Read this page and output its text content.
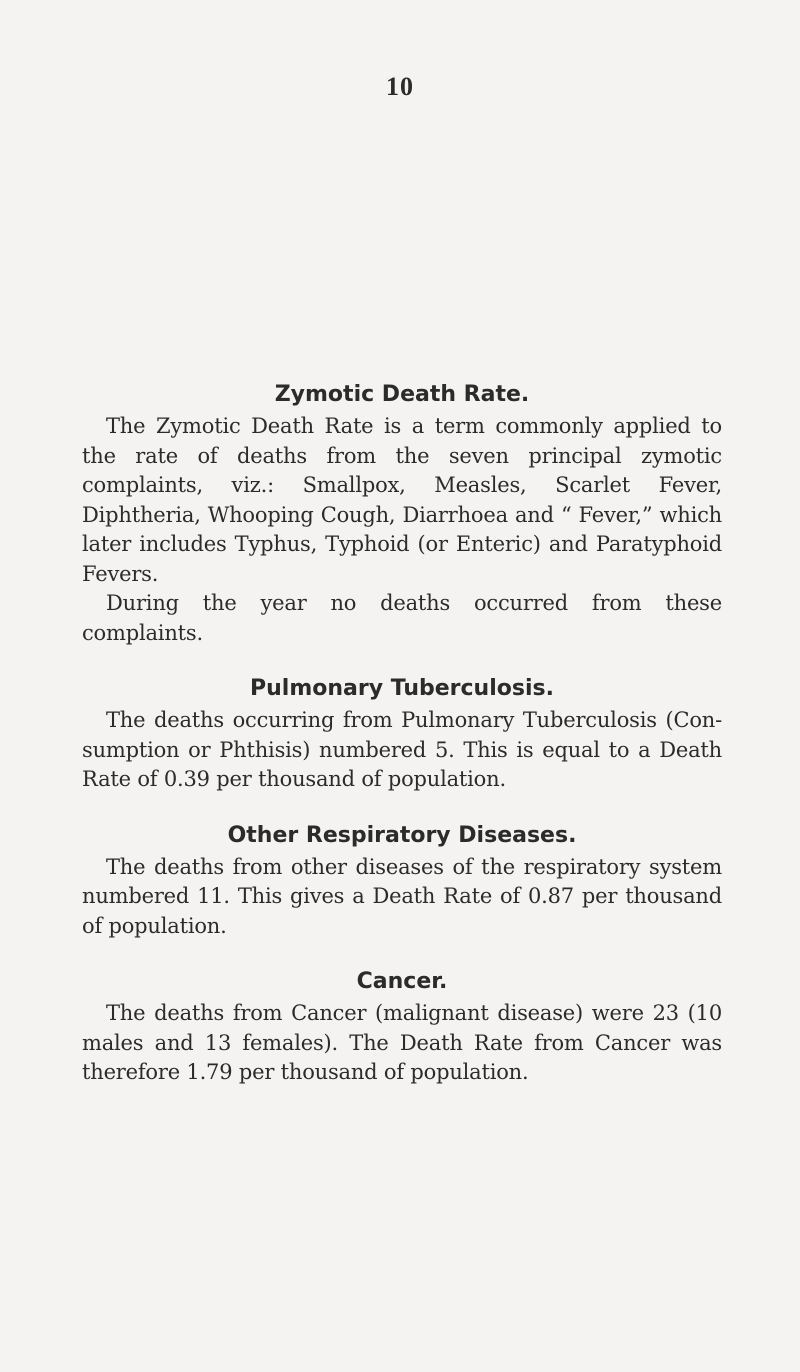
10
Zymotic Death Rate.

The Zymotic Death Rate is a term commonly applied to the rate of deaths from the seven principal zymotic complaints, viz.: Smallpox, Measles, Scarlet Fever, Diphtheria, Whooping Cough, Diarrhoea and “ Fever,” which later includes Typhus, Typhoid (or Enteric) and Paratyphoid Fevers.

During the year no deaths occurred from these complaints.

Pulmonary Tuberculosis.

The deaths occurring from Pulmonary Tuberculosis (Con- sumption or Phthisis) numbered 5. This is equal to a Death Rate of 0.39 per thousand of population.

Other Respiratory Diseases.

The deaths from other diseases of the respiratory system numbered 11. This gives a Death Rate of 0.87 per thousand of population.

Cancer.

The deaths from Cancer (malignant disease) were 23 (10 males and 13 females). The Death Rate from Cancer was therefore 1.79 per thousand of population.
